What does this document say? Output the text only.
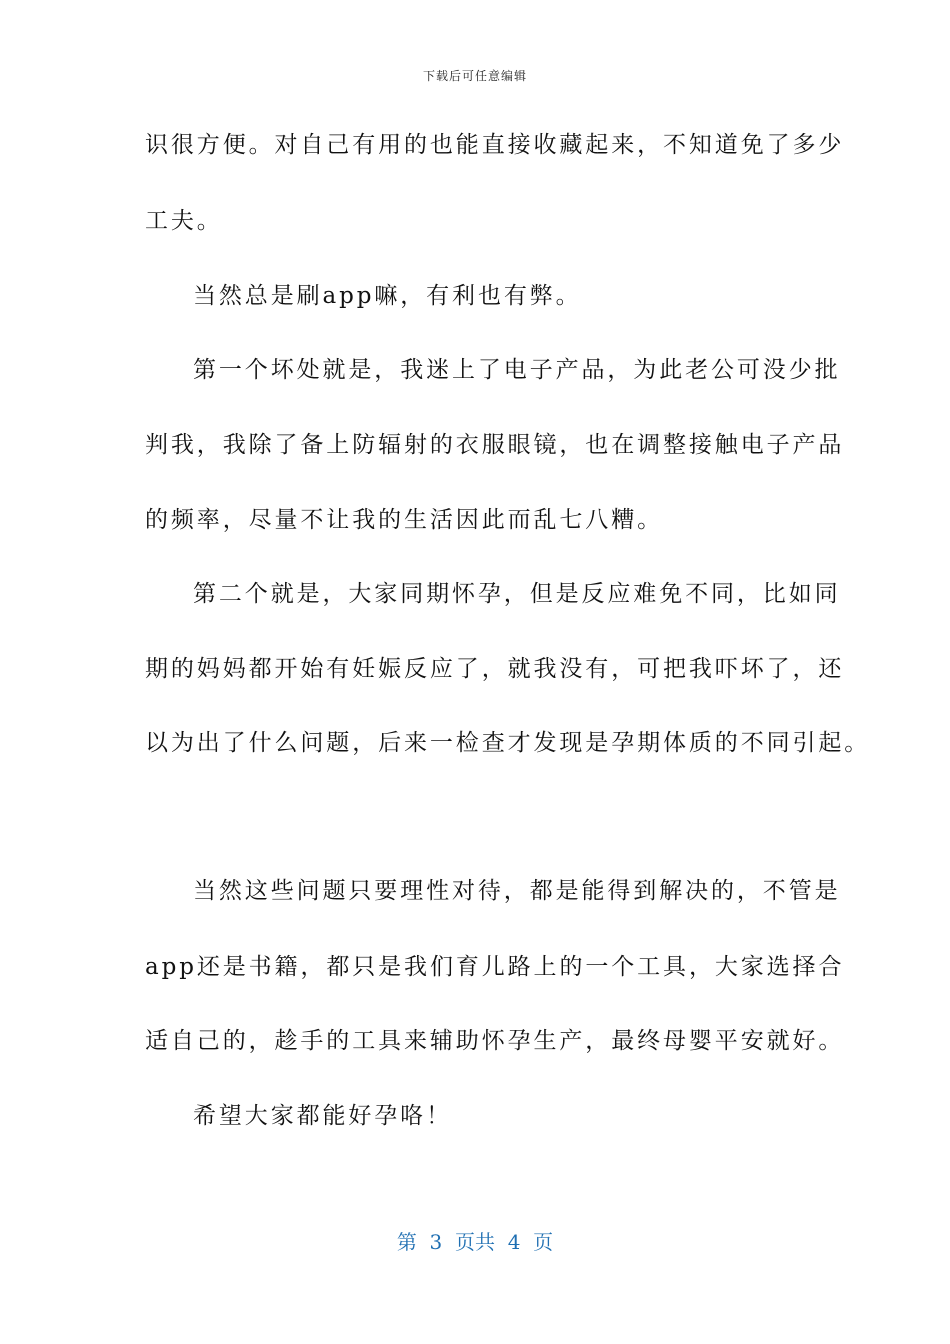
下载后可任意编辑
识很方便。对自己有用的也能直接收藏起来，不知道免了多少
工夫。
当然总是刷app嘛，有利也有弊。
第一个坏处就是，我迷上了电子产品，为此老公可没少批
判我，我除了备上防辐射的衣服眼镜，也在调整接触电子产品
的频率，尽量不让我的生活因此而乱七八糟。
第二个就是，大家同期怀孕，但是反应难免不同，比如同
期的妈妈都开始有妊娠反应了，就我没有，可把我吓坏了，还
以为出了什么问题，后来一检查才发现是孕期体质的不同引起。
当然这些问题只要理性对待，都是能得到解决的，不管是
app还是书籍，都只是我们育儿路上的一个工具，大家选择合
适自己的，趁手的工具来辅助怀孕生产，最终母婴平安就好。
希望大家都能好孕咯！
第  3  页共  4  页
